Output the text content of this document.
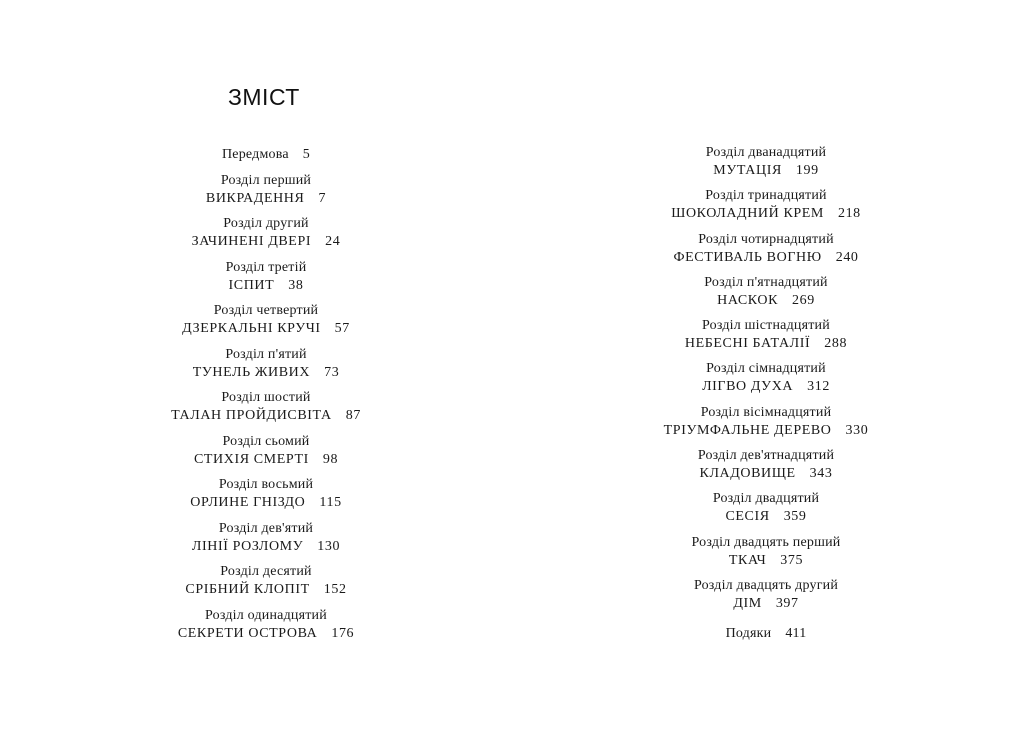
ЗМІСТ
Передмова 5
Розділ перший
ВИКРАДЕННЯ 7
Розділ другий
ЗАЧИНЕНІ ДВЕРІ 24
Розділ третій
ІСПИТ 38
Розділ четвертий
ДЗЕРКАЛЬНІ КРУЧІ 57
Розділ п'ятий
ТУНЕЛЬ ЖИВИХ 73
Розділ шостий
ТАЛАН ПРОЙДИСВІТА 87
Розділ сьомий
СТИХІЯ СМЕРТІ 98
Розділ восьмий
ОРЛИНЕ ГНІЗДО 115
Розділ дев'ятий
ЛІНІЇ РОЗЛОМУ 130
Розділ десятий
СРІБНИЙ КЛОПІТ 152
Розділ одинадцятий
СЕКРЕТИ ОСТРОВА 176
Розділ дванадцятий
МУТАЦІЯ 199
Розділ тринадцятий
ШОКОЛАДНИЙ КРЕМ 218
Розділ чотирнадцятий
ФЕСТИВАЛЬ ВОГНЮ 240
Розділ п'ятнадцятий
НАСКОК 269
Розділ шістнадцятий
НЕБЕСНІ БАТАЛІЇ 288
Розділ сімнадцятий
ЛІГВО ДУХА 312
Розділ вісімнадцятий
ТРІУМФАЛЬНЕ ДЕРЕВО 330
Розділ дев'ятнадцятий
КЛАДОВИЩЕ 343
Розділ двадцятий
СЕСІЯ 359
Розділ двадцять перший
ТКАЧ 375
Розділ двадцять другий
ДІМ 397
Подяки 411
